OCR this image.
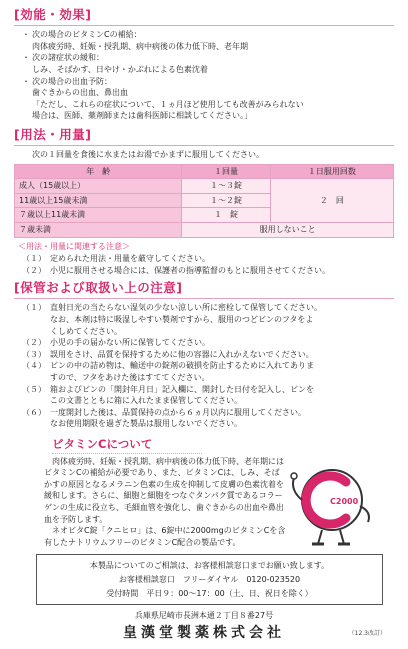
[効能・効果]
・ 次の場合のビタミンCの補給：
肉体疲労時、妊娠・授乳期、病中病後の体力低下時、老年期
・ 次の諸症状の緩和：
しみ、そばかす、日やけ・かぶれによる色素沈着
・ 次の場合の出血予防：
歯ぐきからの出血、鼻出血
「ただし、これらの症状について、１ヵ月ほど使用しても改善がみられない
場合は、医師、薬剤師または歯科医師に相談してください。」
[用法・用量]
次の１回量を食後に水またはお湯でかまずに服用してください。
年　齢	１回量	１日服用回数
成人（15歳以上）	１〜３錠	２　回
11歳以上15歳未満	１〜２錠	
７歳以上11歳未満	１　錠	
７歳未満	服用しないこと	
＜用法・用量に関連する注意＞
（１） 定められた用法・用量を厳守してください。
（２） 小児に服用させる場合には、保護者の指導監督のもとに服用させてください。
[保管および取扱い上の注意]
（１） 直射日光の当たらない湿気の少ない涼しい所に密栓して保管してください。
なお、本剤は特に吸湿しやすい製剤ですから、服用のつどビンのフタをよ
くしめてください。
（２） 小児の手の届かない所に保管してください。
（３） 誤用をさけ、品質を保持するために他の容器に入れかえないでください。
（４） ビンの中の詰め物は、輸送中の錠剤の破損を防止するために入れてありま
すので、フタをあけた後はすててください。
（５） 箱およびビンの「開封年月日」記入欄に、開封した日付を記入し、ビンを
この文書とともに箱に入れたまま保管してください。
（６） 一度開封した後は、品質保持の点から６ヵ月以内に服用してください。
なお使用期限を過ぎた製品は服用しないでください。
ビタミンCについて

肉体疲労時、妊娠・授乳期、病中病後の体力低下時、老年期にはビタミンCの補給が必要であり、また、ビタミンCは、しみ、そばかすの原因となるメラニン色素の生成を抑制して皮膚の色素沈着を緩和します。さらに、細胞と細胞をつなぐタンパク質であるコラーゲンの生成に役立ち、毛細血管を強化し、歯ぐきからの出血や鼻出血を予防します。

ネオビタC錠「クニヒロ」は、6錠中に2000mgのビタミンCを含有したナトリウムフリーのビタミンC配合の製品です。

C2000
本製品についてのご相談は、お客様相談窓口までお願い致します。
お客様相談窓口　フリーダイヤル　0120-023520
受付時間　平日９：00〜17：00（土、日、祝日を除く）
兵庫県尼崎市長洲本通２丁目８番27号
皇漢堂製薬株式会社	（12.3改訂）
